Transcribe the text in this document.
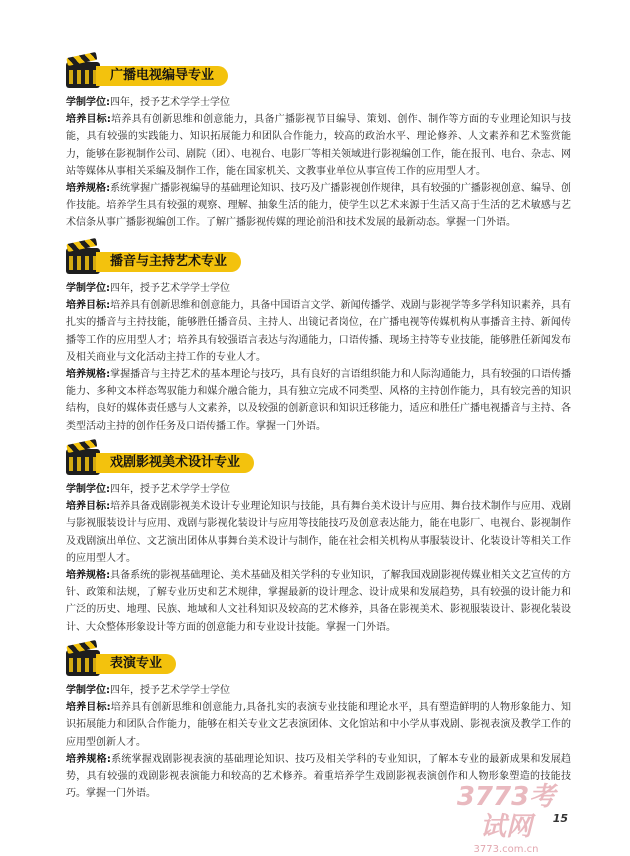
广播电视编导专业

学制学位:四年，授予艺术学学士学位

培养目标:培养具有创新思维和创意能力，具备广播影视节目编导、策划、创作、制作等方面的专业理论知识与技能，具有较强的实践能力、知识拓展能力和团队合作能力，较高的政治水平、理论修养、人文素养和艺术鉴赏能力，能够在影视制作公司、剧院（团）、电视台、电影厂等相关领域进行影视编创工作，能在报刊、电台、杂志、网站等媒体从事相关采编及制作工作，能在国家机关、文教事业单位从事宣传工作的应用型人才。

培养规格:系统掌握广播影视编导的基础理论知识、技巧及广播影视创作规律，具有较强的广播影视创意、编导、创作技能。培养学生具有较强的观察、理解、抽象生活的能力，使学生以艺术来源于生活又高于生活的艺术敏感与艺术信条从事广播影视编创工作。了解广播影视传媒的理论前沿和技术发展的最新动态。掌握一门外语。

播音与主持艺术专业

学制学位:四年，授予艺术学学士学位

培养目标:培养具有创新思维和创意能力，具备中国语言文学、新闻传播学、戏剧与影视学等多学科知识素养，具有扎实的播音与主持技能，能够胜任播音员、主持人、出镜记者岗位，在广播电视等传媒机构从事播音主持、新闻传播等工作的应用型人才；培养具有较强语言表达与沟通能力，口语传播、现场主持等专业技能，能够胜任新闻发布及相关商业与文化活动主持工作的专业人才。

培养规格:掌握播音与主持艺术的基本理论与技巧，具有良好的言语组织能力和人际沟通能力，具有较强的口语传播能力、多种文本样态驾驭能力和媒介融合能力，具有独立完成不同类型、风格的主持创作能力，具有较完善的知识结构，良好的媒体责任感与人文素养，以及较强的创新意识和知识迁移能力，适应和胜任广播电视播音与主持、各类型活动主持的创作任务及口语传播工作。掌握一门外语。

戏剧影视美术设计专业

学制学位:四年，授予艺术学学士学位

培养目标:培养具备戏剧影视美术设计专业理论知识与技能，具有舞台美术设计与应用、舞台技术制作与应用、戏剧与影视服装设计与应用、戏剧与影视化装设计与应用等技能技巧及创意表达能力，能在电影厂、电视台、影视制作及戏剧演出单位、文艺演出团体从事舞台美术设计与制作，能在社会相关机构从事服装设计、化装设计等相关工作的应用型人才。

培养规格:具备系统的影视基础理论、美术基础及相关学科的专业知识，了解我国戏剧影视传媒业相关文艺宣传的方针、政策和法规，了解专业历史和艺术规律，掌握最新的设计理念、设计成果和发展趋势，具有较强的设计能力和广泛的历史、地理、民族、地域和人文社科知识及较高的艺术修养，具备在影视美术、影视服装设计、影视化装设计、大众整体形象设计等方面的创意能力和专业设计技能。掌握一门外语。

表演专业

学制学位:四年，授予艺术学学士学位

培养目标:培养具有创新思维和创意能力,具备扎实的表演专业技能和理论水平，具有塑造鲜明的人物形象能力、知识拓展能力和团队合作能力，能够在相关专业文艺表演团体、文化馆站和中小学从事戏剧、影视表演及教学工作的应用型创新人才。

培养规格:系统掌握戏剧影视表演的基础理论知识、技巧及相关学科的专业知识，了解本专业的最新成果和发展趋势，具有较强的戏剧影视表演能力和较高的艺术修养。着重培养学生戏剧影视表演创作和人物形象塑造的技能技巧。掌握一门外语。	3773考试网
3773.com.cn
15
